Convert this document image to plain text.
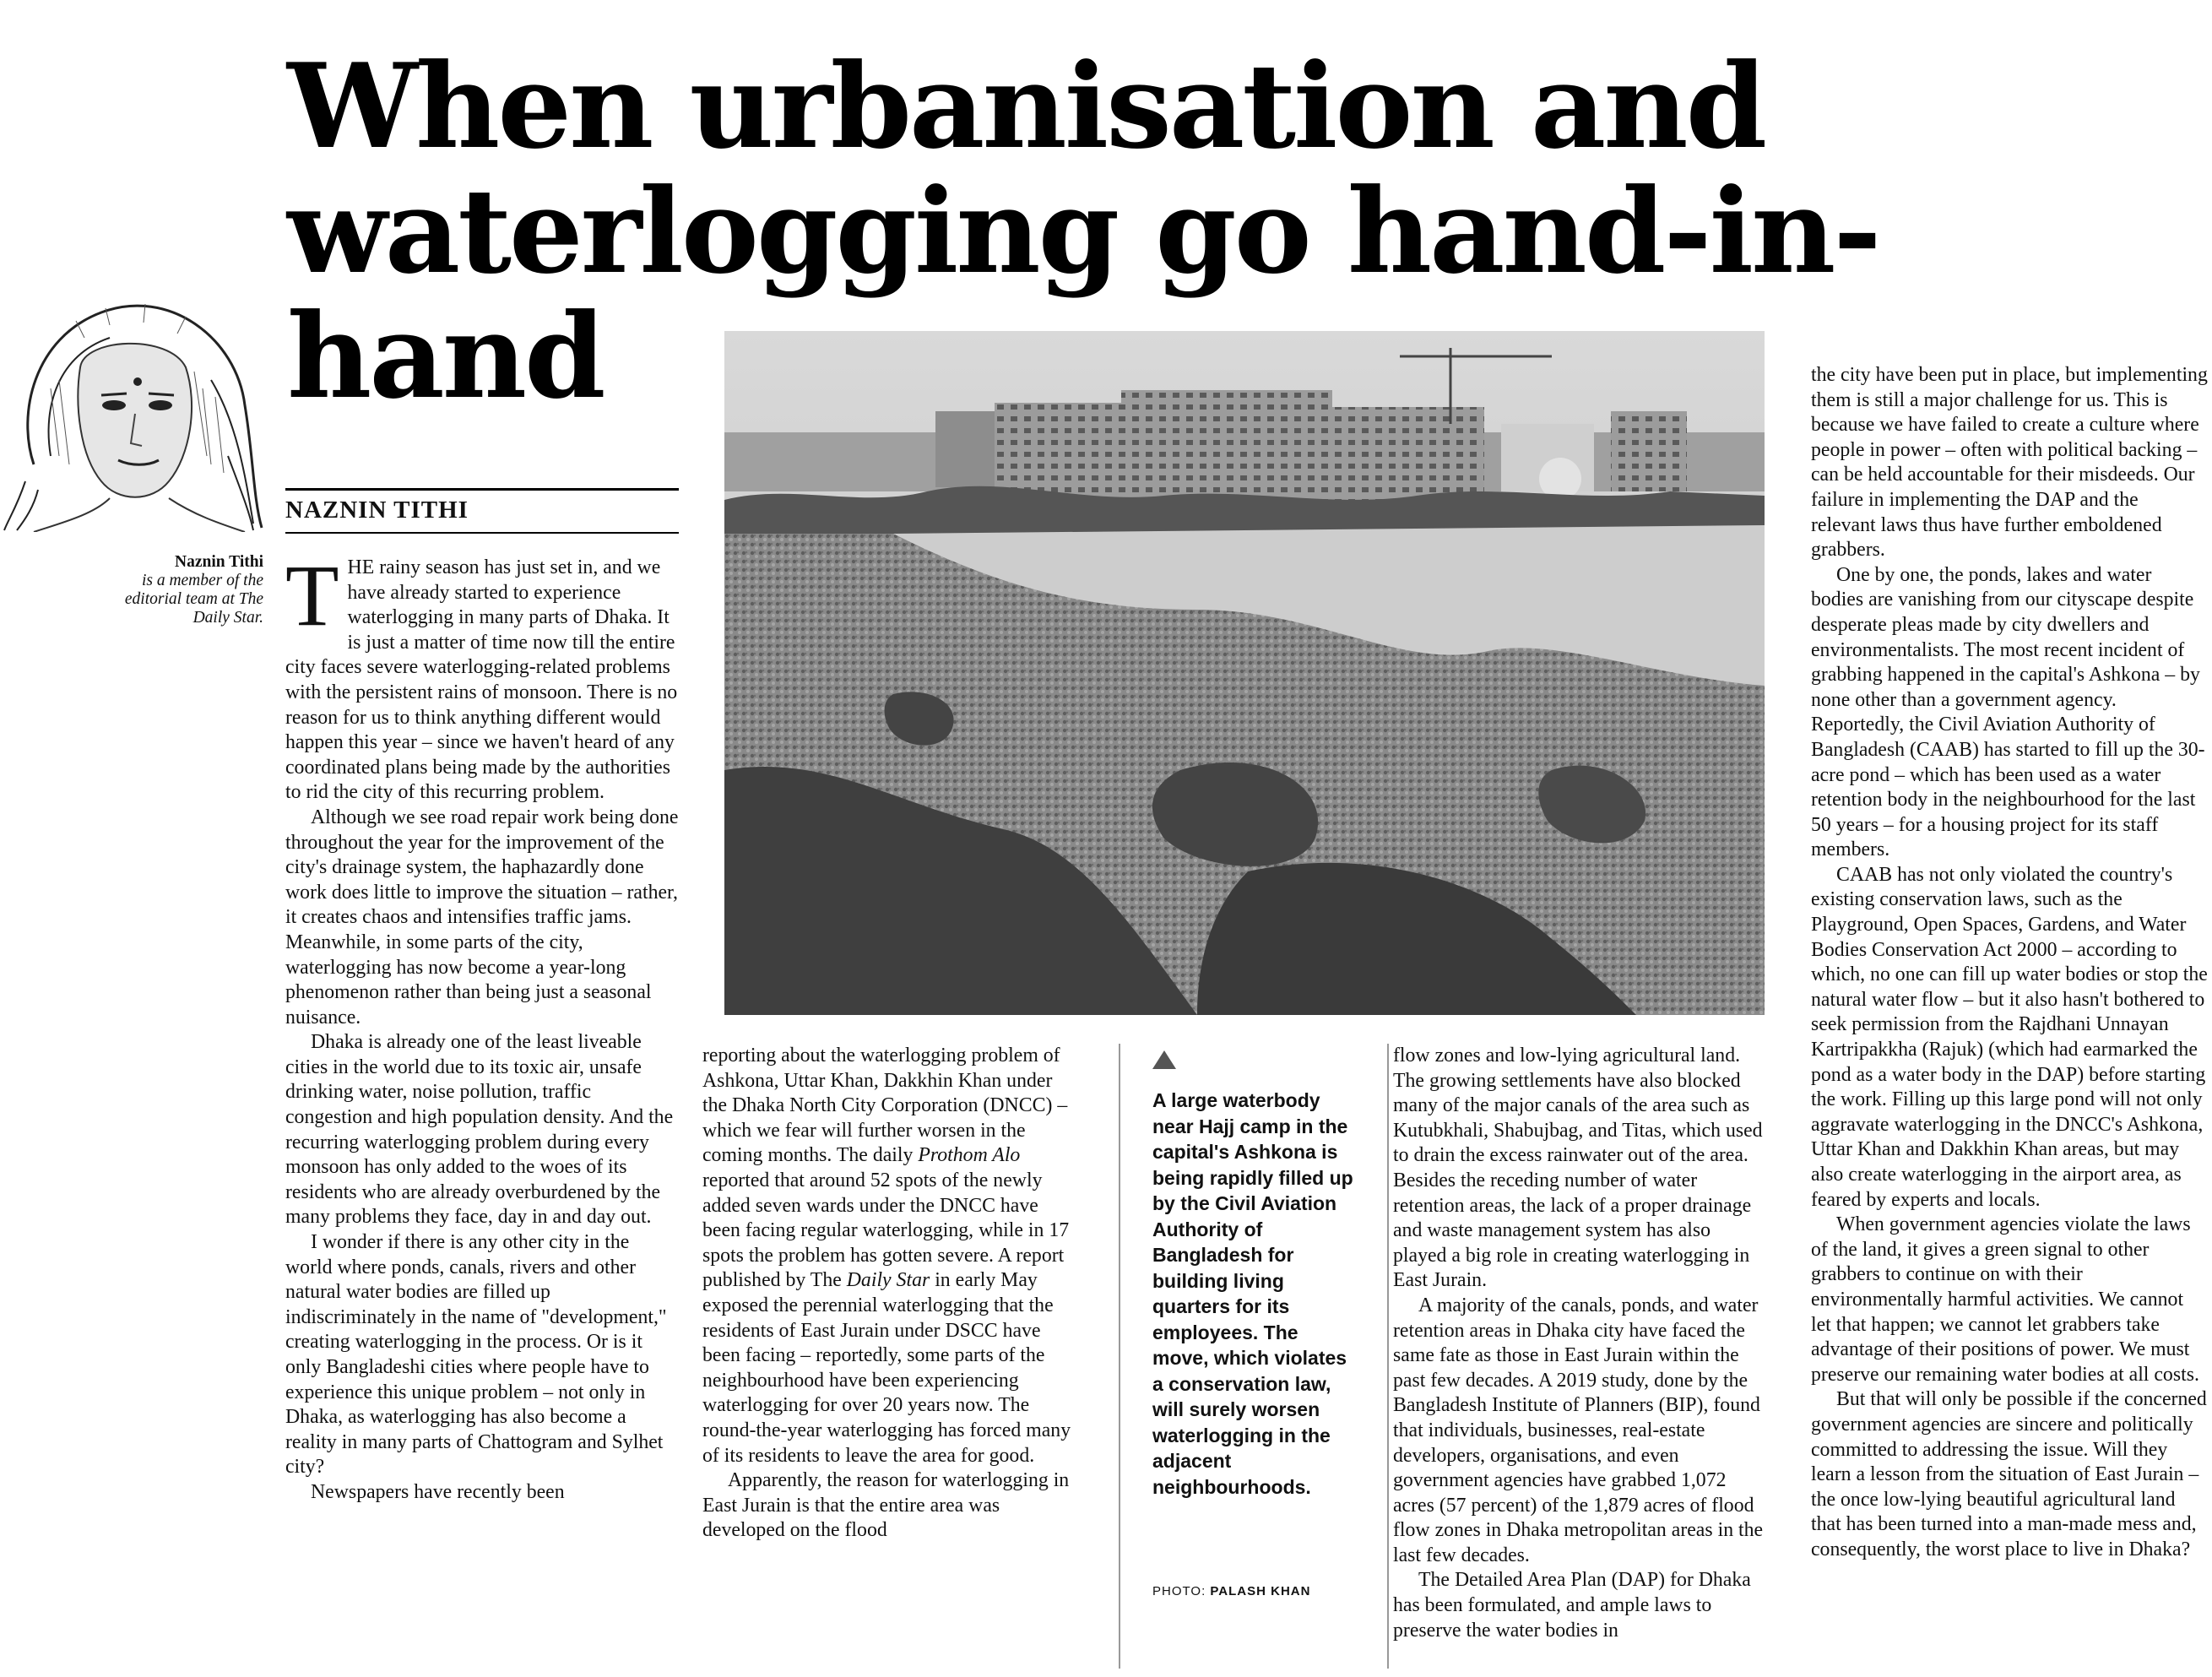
When urbanisation and waterlogging go hand-in-hand
NAZNIN TITHI
Naznin Tithi
is a member of the editorial team at The Daily Star. THE rainy season has just set in, and we have already started to experience waterlogging in many parts of Dhaka. It is just a matter of time now till the entire city faces severe waterlogging-related problems with the persistent rains of monsoon. There is no reason for us to think anything different would happen this year – since we haven't heard of any coordinated plans being made by the authorities to rid the city of this recurring problem.

Although we see road repair work being done throughout the year for the improvement of the city's drainage system, the haphazardly done work does little to improve the situation – rather, it creates chaos and intensifies traffic jams. Meanwhile, in some parts of the city, waterlogging has now become a year-long phenomenon rather than being just a seasonal nuisance.

Dhaka is already one of the least liveable cities in the world due to its toxic air, unsafe drinking water, noise pollution, traffic congestion and high population density. And the recurring waterlogging problem during every monsoon has only added to the woes of its residents who are already overburdened by the many problems they face, day in and day out.

I wonder if there is any other city in the world where ponds, canals, rivers and other natural water bodies are filled up indiscriminately in the name of "development," creating waterlogging in the process. Or is it only Bangladeshi cities where people have to experience this unique problem – not only in Dhaka, as waterlogging has also become a reality in many parts of Chattogram and Sylhet city?

Newspapers have recently been

reporting about the waterlogging problem of Ashkona, Uttar Khan, Dakkhin Khan under the Dhaka North City Corporation (DNCC) – which we fear will further worsen in the coming months. The daily Prothom Alo reported that around 52 spots of the newly added seven wards under the DNCC have been facing regular waterlogging, while in 17 spots the problem has gotten severe. A report published by The Daily Star in early May exposed the perennial waterlogging that the residents of East Jurain under DSCC have been facing – reportedly, some parts of the neighbourhood have been experiencing waterlogging for over 20 years now. The round-the-year waterlogging has forced many of its residents to leave the area for good.

Apparently, the reason for waterlogging in East Jurain is that the entire area was developed on the flood

A large waterbody near Hajj camp in the capital's Ashkona is being rapidly filled up by the Civil Aviation Authority of Bangladesh for building living quarters for its employees. The move, which violates a conservation law, will surely worsen waterlogging in the adjacent neighbourhoods.
PHOTO: PALASH KHAN

flow zones and low-lying agricultural land. The growing settlements have also blocked many of the major canals of the area such as Kutubkhali, Shabujbag, and Titas, which used to drain the excess rainwater out of the area. Besides the receding number of water retention areas, the lack of a proper drainage and waste management system has also played a big role in creating waterlogging in East Jurain.

A majority of the canals, ponds, and water retention areas in Dhaka city have faced the same fate as those in East Jurain within the past few decades. A 2019 study, done by the Bangladesh Institute of Planners (BIP), found that individuals, businesses, real-estate developers, organisations, and even government agencies have grabbed 1,072 acres (57 percent) of the 1,879 acres of flood flow zones in Dhaka metropolitan areas in the last few decades.

The Detailed Area Plan (DAP) for Dhaka has been formulated, and ample laws to preserve the water bodies in

the city have been put in place, but implementing them is still a major challenge for us. This is because we have failed to create a culture where people in power – often with political backing – can be held accountable for their misdeeds. Our failure in implementing the DAP and the relevant laws thus have further emboldened grabbers.

One by one, the ponds, lakes and water bodies are vanishing from our cityscape despite desperate pleas made by city dwellers and environmentalists. The most recent incident of grabbing happened in the capital's Ashkona – by none other than a government agency. Reportedly, the Civil Aviation Authority of Bangladesh (CAAB) has started to fill up the 30-acre pond – which has been used as a water retention body in the neighbourhood for the last 50 years – for a housing project for its staff members.

CAAB has not only violated the country's existing conservation laws, such as the Playground, Open Spaces, Gardens, and Water Bodies Conservation Act 2000 – according to which, no one can fill up water bodies or stop the natural water flow – but it also hasn't bothered to seek permission from the Rajdhani Unnayan Kartripakkha (Rajuk) (which had earmarked the pond as a water body in the DAP) before starting the work. Filling up this large pond will not only aggravate waterlogging in the DNCC's Ashkona, Uttar Khan and Dakkhin Khan areas, but may also create waterlogging in the airport area, as feared by experts and locals.

When government agencies violate the laws of the land, it gives a green signal to other grabbers to continue on with their environmentally harmful activities. We cannot let that happen; we cannot let grabbers take advantage of their positions of power. We must preserve our remaining water bodies at all costs.

But that will only be possible if the concerned government agencies are sincere and politically committed to addressing the issue. Will they learn a lesson from the situation of East Jurain – the once low-lying beautiful agricultural land that has been turned into a man-made mess and, consequently, the worst place to live in Dhaka?
